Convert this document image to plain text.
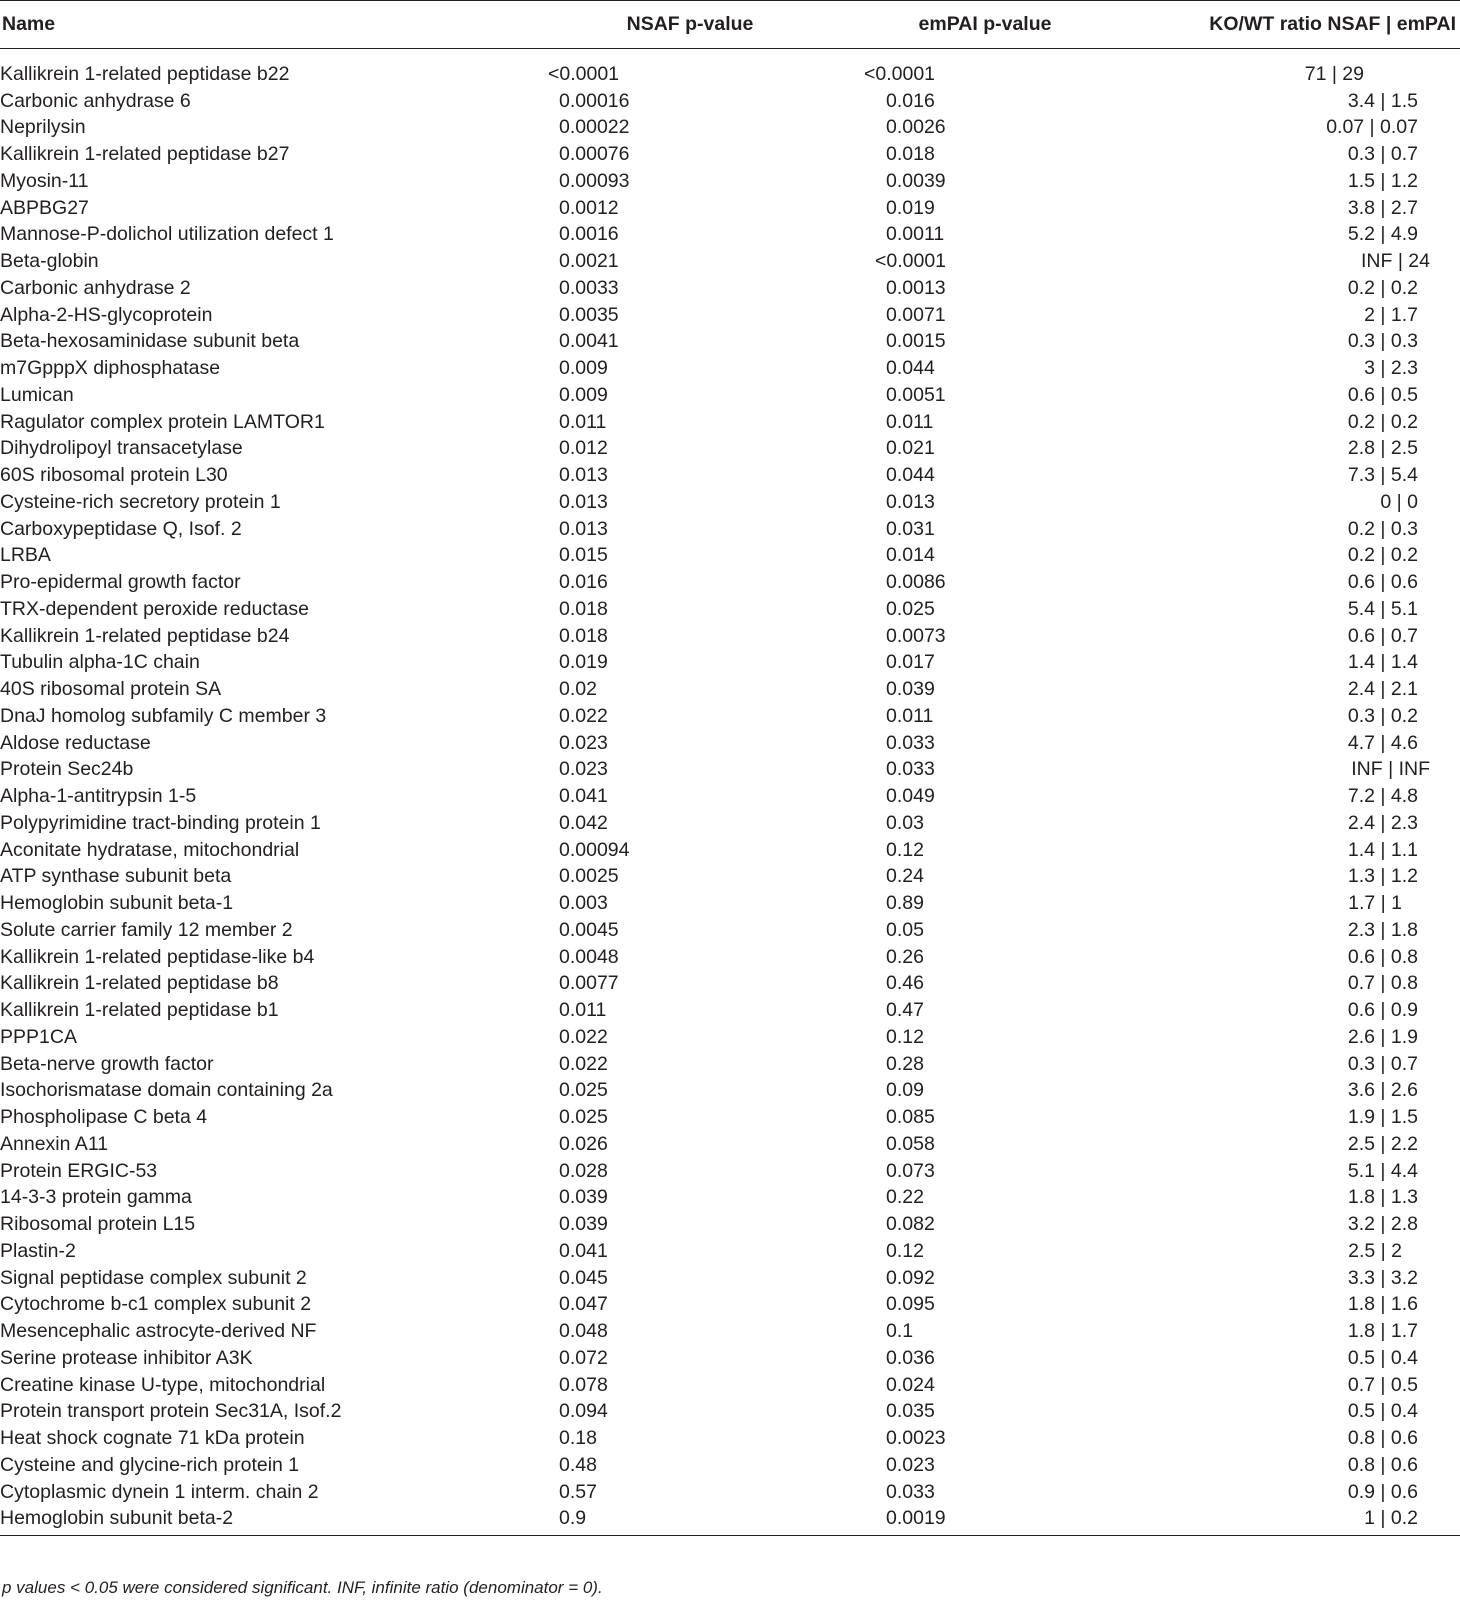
Name	NSAF p-value emPAI p-value KO/WT ratio NSAF | emPAI

Kallikrein 1-related peptidase b22	<0.0001 <0.0001 71 | 29

Carbonic anhydrase 6	0.00016 0.016 3.4 | 1.5

Neprilysin	0.00022 0.0026 0.07 | 0.07

Kallikrein 1-related peptidase b27	0.00076 0.018 0.3 | 0.7

Myosin-11	0.00093 0.0039 1.5 | 1.2

ABPBG27	0.0012 0.019 3.8 | 2.7

Mannose-P-dolichol utilization defect 1	0.0016 0.0011 5.2 | 4.9

Beta-globin	0.0021 <0.0001 INF | 24

Carbonic anhydrase 2	0.0033 0.0013 0.2 | 0.2

Alpha-2-HS-glycoprotein	0.0035 0.0071 2 | 1.7

Beta-hexosaminidase subunit beta	0.0041 0.0015 0.3 | 0.3

m7GpppX diphosphatase	0.009 0.044 3 | 2.3

Lumican	0.009 0.0051 0.6 | 0.5

Ragulator complex protein LAMTOR1	0.011 0.011 0.2 | 0.2

Dihydrolipoyl transacetylase	0.012 0.021 2.8 | 2.5

60S ribosomal protein L30	0.013 0.044 7.3 | 5.4

Cysteine-rich secretory protein 1	0.013 0.013 0 | 0

Carboxypeptidase Q, Isof. 2	0.013 0.031 0.2 | 0.3

LRBA	0.015 0.014 0.2 | 0.2

Pro-epidermal growth factor	0.016 0.0086 0.6 | 0.6

TRX-dependent peroxide reductase	0.018 0.025 5.4 | 5.1

Kallikrein 1-related peptidase b24	0.018 0.0073 0.6 | 0.7

Tubulin alpha-1C chain	0.019 0.017 1.4 | 1.4

40S ribosomal protein SA	0.02 0.039 2.4 | 2.1

DnaJ homolog subfamily C member 3	0.022 0.011 0.3 | 0.2

Aldose reductase	0.023 0.033 4.7 | 4.6

Protein Sec24b	0.023 0.033 INF | INF

Alpha-1-antitrypsin 1-5	0.041 0.049 7.2 | 4.8

Polypyrimidine tract-binding protein 1	0.042 0.03 2.4 | 2.3

Aconitate hydratase, mitochondrial	0.00094 0.12 1.4 | 1.1

ATP synthase subunit beta	0.0025 0.24 1.3 | 1.2

Hemoglobin subunit beta-1	0.003 0.89 1.7 | 1

Solute carrier family 12 member 2	0.0045 0.05 2.3 | 1.8

Kallikrein 1-related peptidase-like b4	0.0048 0.26 0.6 | 0.8

Kallikrein 1-related peptidase b8	0.0077 0.46 0.7 | 0.8

Kallikrein 1-related peptidase b1	0.011 0.47 0.6 | 0.9

PPP1CA	0.022 0.12 2.6 | 1.9

Beta-nerve growth factor	0.022 0.28 0.3 | 0.7

Isochorismatase domain containing 2a	0.025 0.09 3.6 | 2.6

Phospholipase C beta 4	0.025 0.085 1.9 | 1.5

Annexin A11	0.026 0.058 2.5 | 2.2

Protein ERGIC-53	0.028 0.073 5.1 | 4.4

14-3-3 protein gamma	0.039 0.22 1.8 | 1.3

Ribosomal protein L15	0.039 0.082 3.2 | 2.8

Plastin-2	0.041 0.12 2.5 | 2

Signal peptidase complex subunit 2	0.045 0.092 3.3 | 3.2

Cytochrome b-c1 complex subunit 2	0.047 0.095 1.8 | 1.6

Mesencephalic astrocyte-derived NF	0.048 0.1 1.8 | 1.7

Serine protease inhibitor A3K	0.072 0.036 0.5 | 0.4

Creatine kinase U-type, mitochondrial	0.078 0.024 0.7 | 0.5

Protein transport protein Sec31A, Isof.2	0.094 0.035 0.5 | 0.4

Heat shock cognate 71 kDa protein	0.18 0.0023 0.8 | 0.6

Cysteine and glycine-rich protein 1	0.48 0.023 0.8 | 0.6

Cytoplasmic dynein 1 interm. chain 2	0.57 0.033 0.9 | 0.6

Hemoglobin subunit beta-2	0.9 0.0019 1 | 0.2
p values < 0.05 were considered significant. INF, infinite ratio (denominator = 0).
